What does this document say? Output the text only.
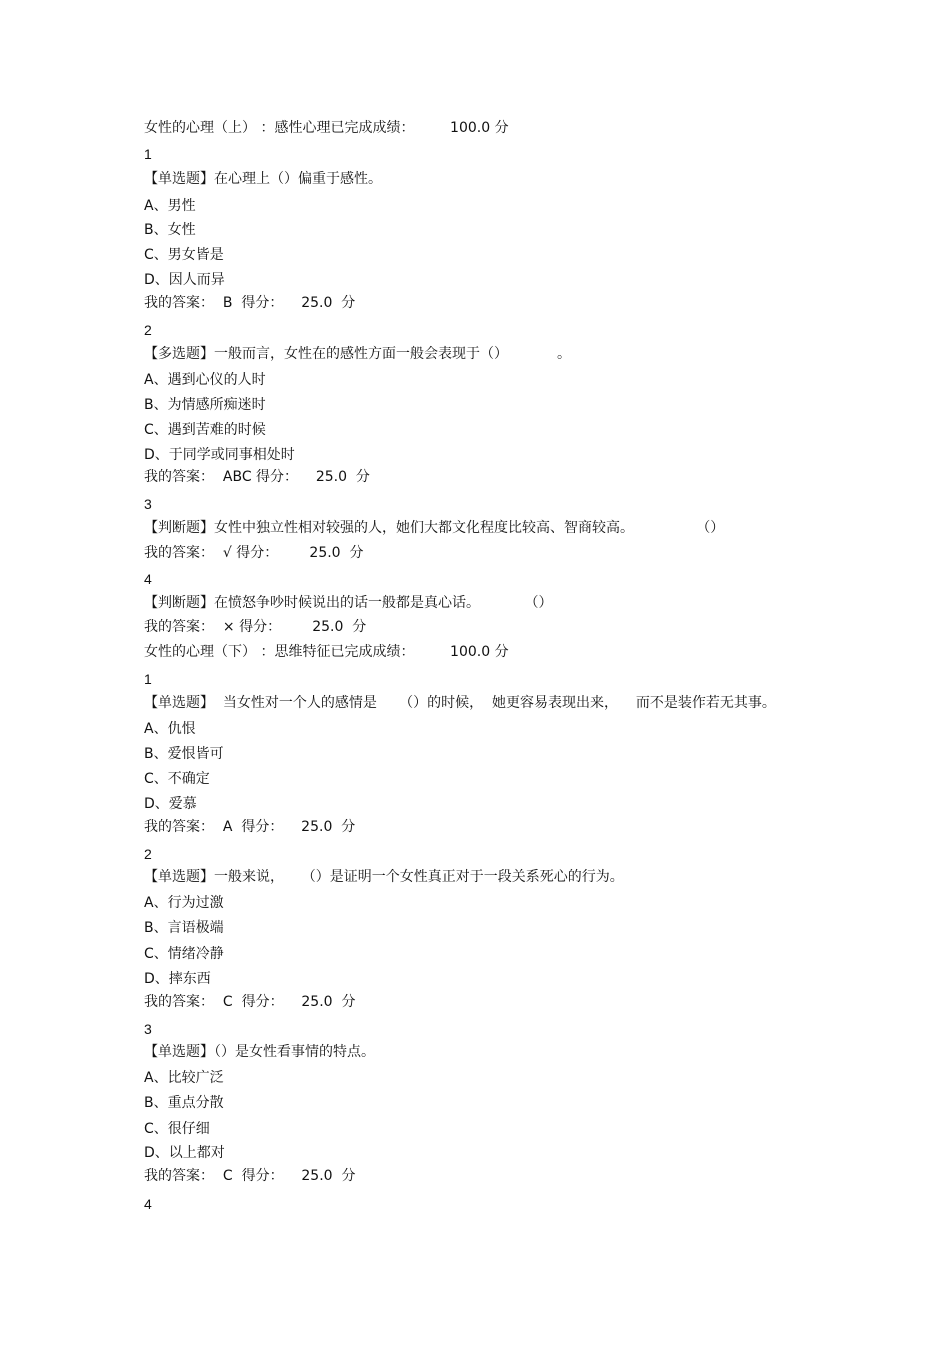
女性的心理（上） ：感性心理已完成成绩：        100.0 分
1
【单选题】在心理上（）偏重于感性。
A、男性
B、女性
C、男女皆是
D、因人而异
我的答案：  B  得分：    25.0  分
2
【多选题】一般而言，女性在的感性方面一般会表现于（）           。
A、遇到心仪的人时
B、为情感所痴迷时
C、遇到苦难的时候
D、于同学或同事相处时
我的答案：  ABC 得分：    25.0  分
3
【判断题】女性中独立性相对较强的人，她们大都文化程度比较高、智商较高。              （）
我的答案：  √ 得分：       25.0  分
4
【判断题】在愤怒争吵时候说出的话一般都是真心话。          （）
我的答案：  × 得分：       25.0  分
女性的心理（下） ：思维特征已完成成绩：        100.0 分
1
【单选题】  当女性对一个人的感情是     （）的时候，  她更容易表现出来，    而不是装作若无其事。
A、仇恨
B、爱恨皆可
C、不确定
D、爱慕
我的答案：  A  得分：    25.0  分
2
【单选题】一般来说，    （）是证明一个女性真正对于一段关系死心的行为。
A、行为过激
B、言语极端
C、情绪冷静
D、摔东西
我的答案：  C  得分：    25.0  分
3
【单选题】（）是女性看事情的特点。
A、比较广泛
B、重点分散
C、很仔细
D、以上都对
我的答案：  C  得分：    25.0  分
4
